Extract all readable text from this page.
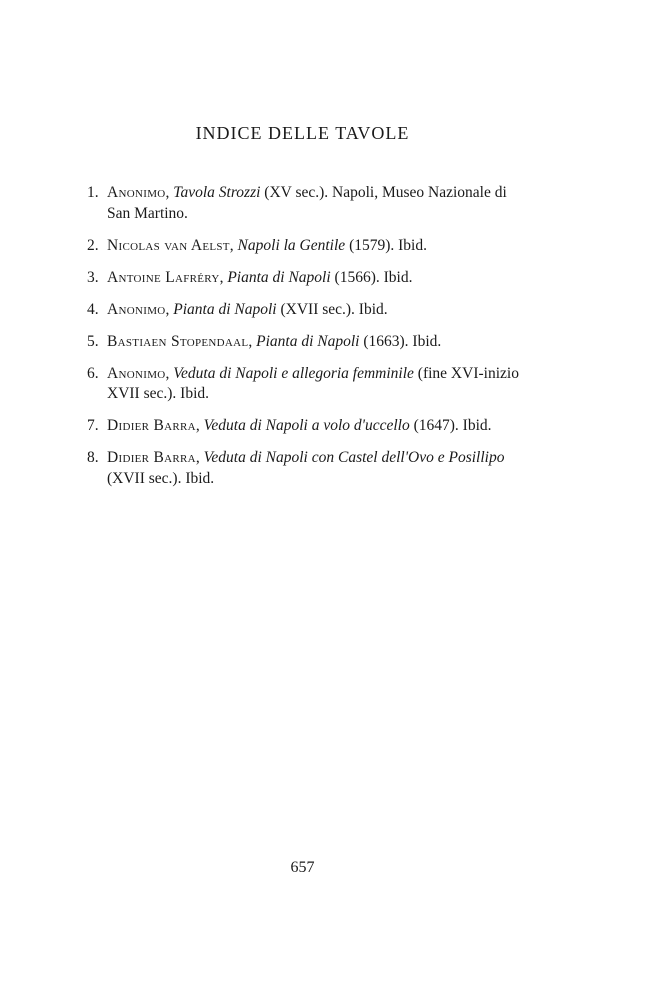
INDICE DELLE TAVOLE
1. Anonimo, Tavola Strozzi (XV sec.). Napoli, Museo Nazionale di San Martino.
2. Nicolas van Aelst, Napoli la Gentile (1579). Ibid.
3. Antoine Lafréry, Pianta di Napoli (1566). Ibid.
4. Anonimo, Pianta di Napoli (XVII sec.). Ibid.
5. Bastiaen Stopendaal, Pianta di Napoli (1663). Ibid.
6. Anonimo, Veduta di Napoli e allegoria femminile (fine XVI-inizio XVII sec.). Ibid.
7. Didier Barra, Veduta di Napoli a volo d'uccello (1647). Ibid.
8. Didier Barra, Veduta di Napoli con Castel dell'Ovo e Posillipo (XVII sec.). Ibid.
657
